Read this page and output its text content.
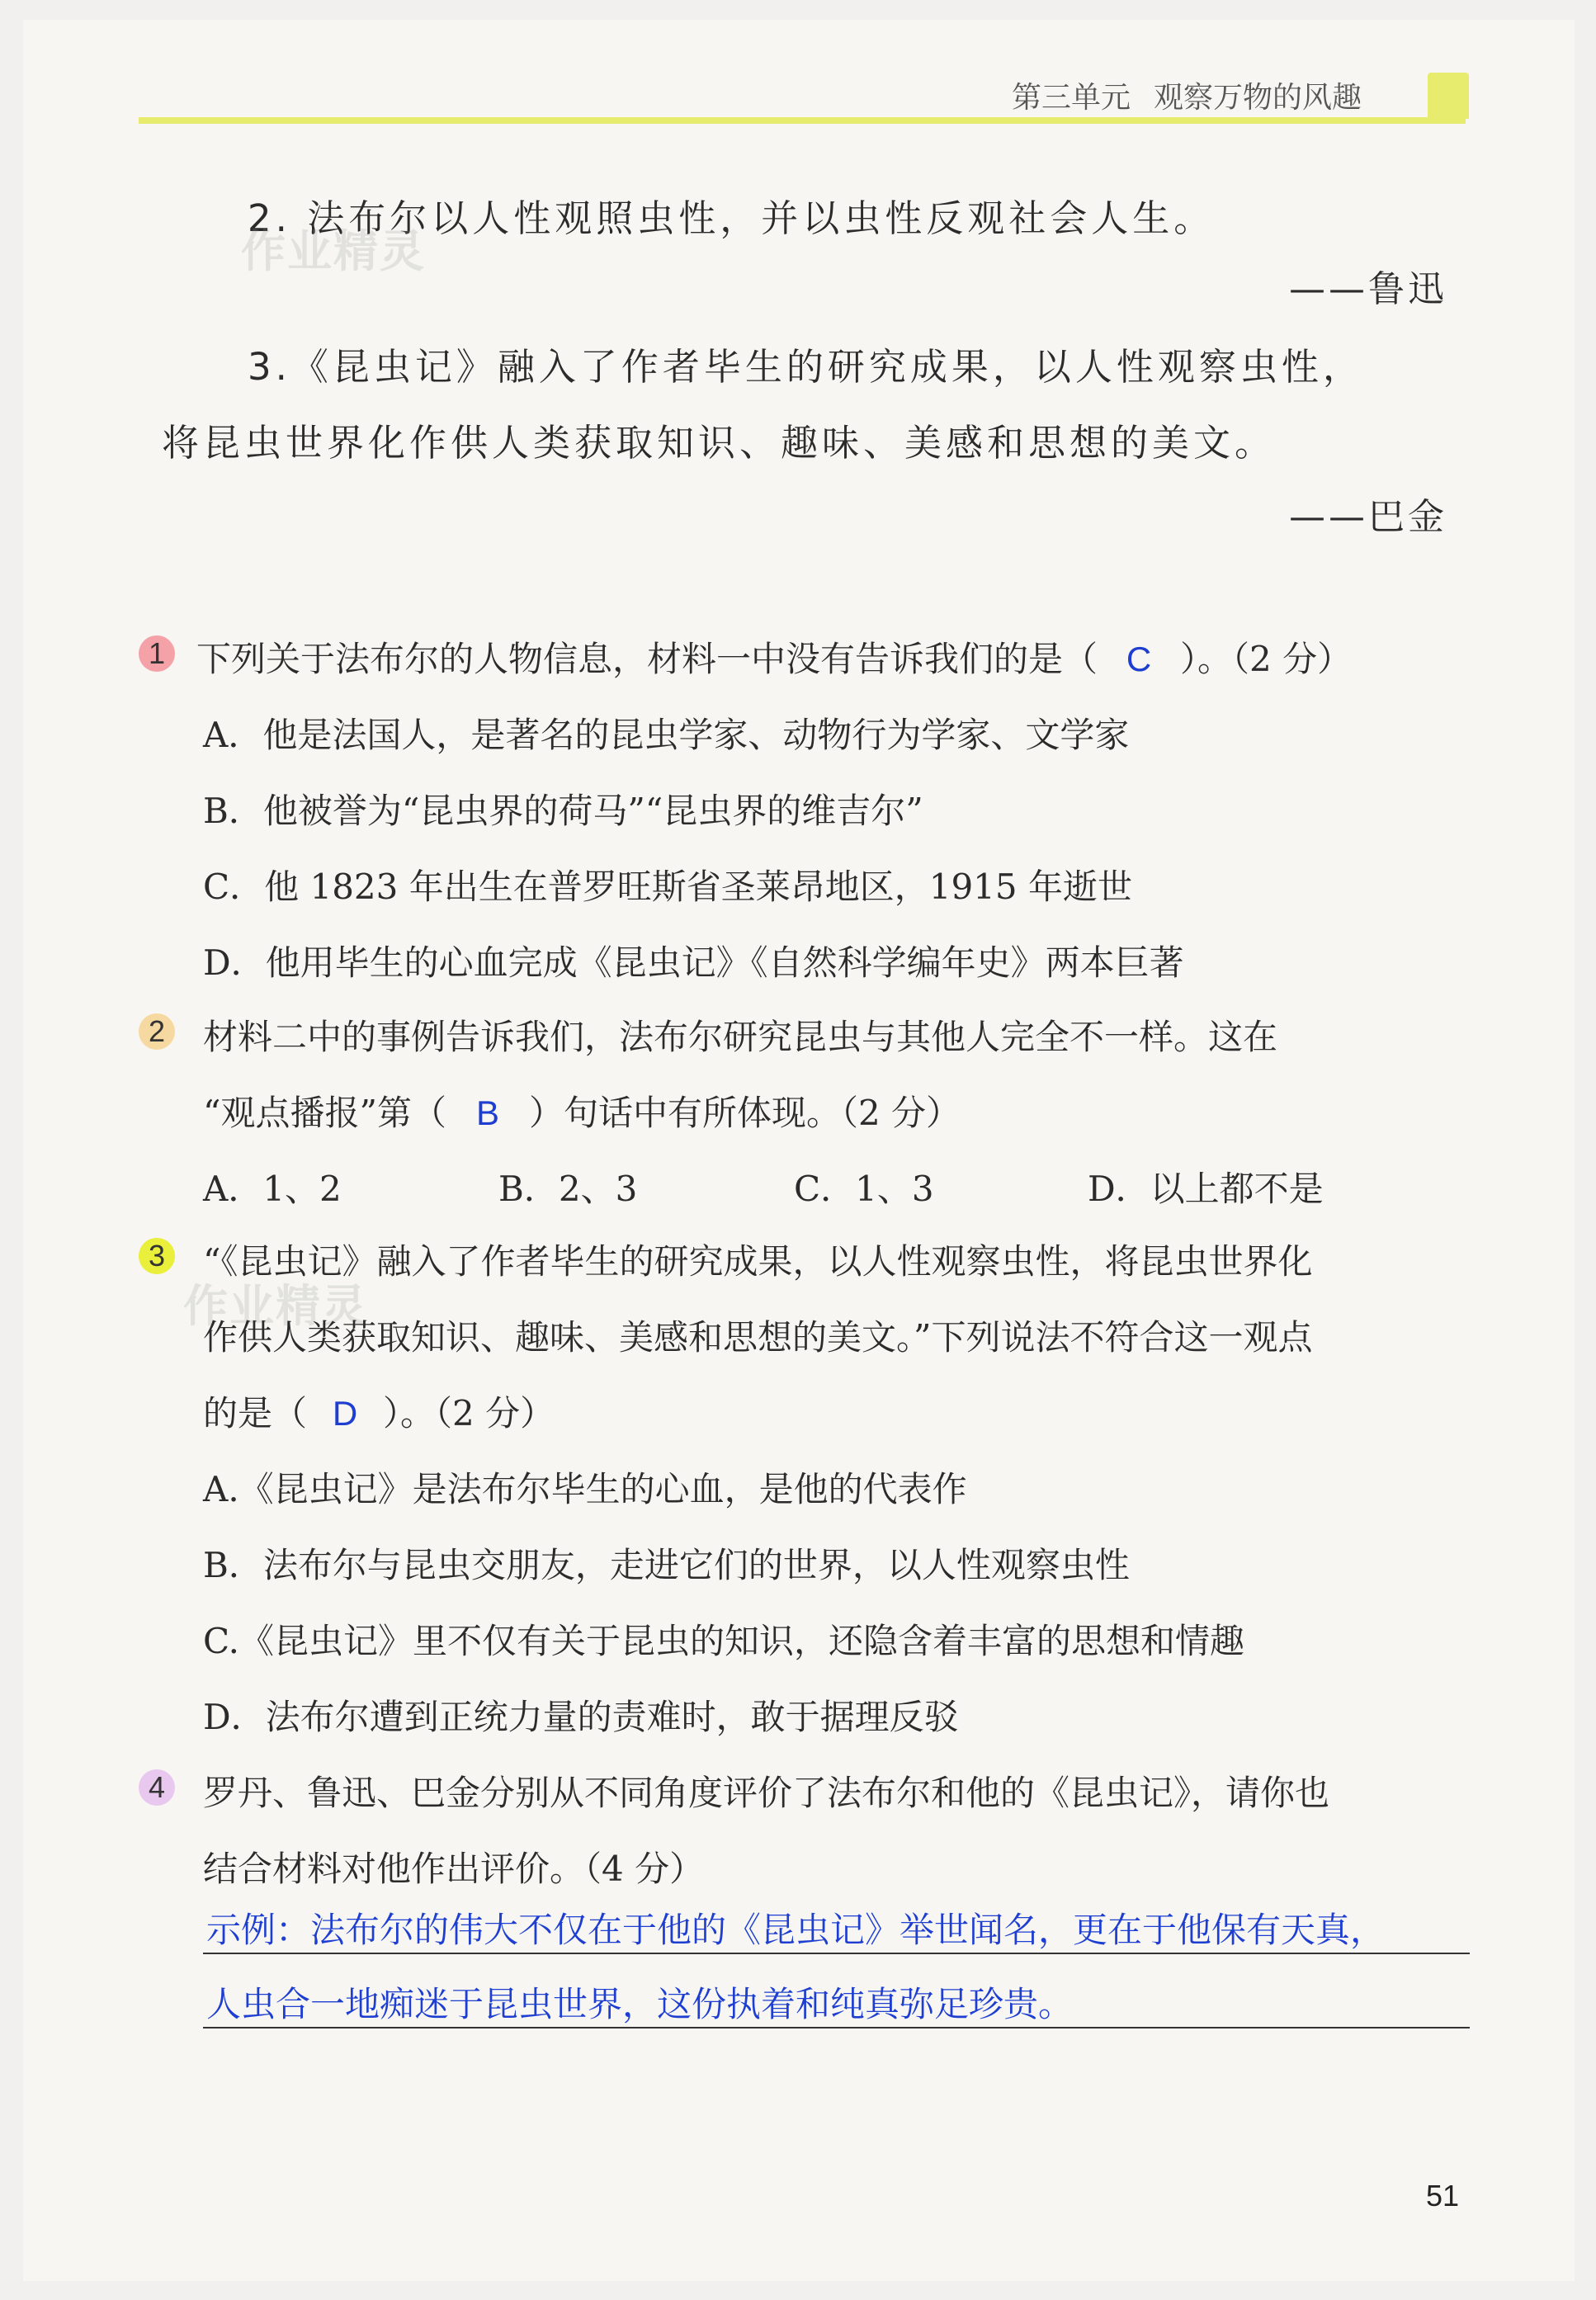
第三单元 观察万物的风趣
2. 法布尔以人性观照虫性，并以虫性反观社会人生。
作业精灵
——鲁迅
3.《昆虫记》融入了作者毕生的研究成果，以人性观察虫性，
将昆虫世界化作供人类获取知识、趣味、美感和思想的美文。
——巴金
1 下列关于法布尔的人物信息，材料一中没有告诉我们的是（ C ）。（2 分）
A．他是法国人，是著名的昆虫学家、动物行为学家、文学家
B．他被誉为“昆虫界的荷马”“昆虫界的维吉尔”
C．他 1823 年出生在普罗旺斯省圣莱昂地区，1915 年逝世
D．他用毕生的心血完成《昆虫记》《自然科学编年史》两本巨著
2 材料二中的事例告诉我们，法布尔研究昆虫与其他人完全不一样。这在
“观点播报”第（ B ）句话中有所体现。（2 分）
A．1、2	B．2、3	C．1、3	D．以上都不是
3 “《昆虫记》融入了作者毕生的研究成果，以人性观察虫性，将昆虫世界化
作业精灵
作供人类获取知识、趣味、美感和思想的美文。”下列说法不符合这一观点
的是（ D ）。（2 分）
A.《昆虫记》是法布尔毕生的心血，是他的代表作
B．法布尔与昆虫交朋友，走进它们的世界，以人性观察虫性
C.《昆虫记》里不仅有关于昆虫的知识，还隐含着丰富的思想和情趣
D．法布尔遭到正统力量的责难时，敢于据理反驳
4 罗丹、鲁迅、巴金分别从不同角度评价了法布尔和他的《昆虫记》，请你也
结合材料对他作出评价。（4 分）
示例：法布尔的伟大不仅在于他的《昆虫记》举世闻名，更在于他保有天真，
人虫合一地痴迷于昆虫世界，这份执着和纯真弥足珍贵。
51
